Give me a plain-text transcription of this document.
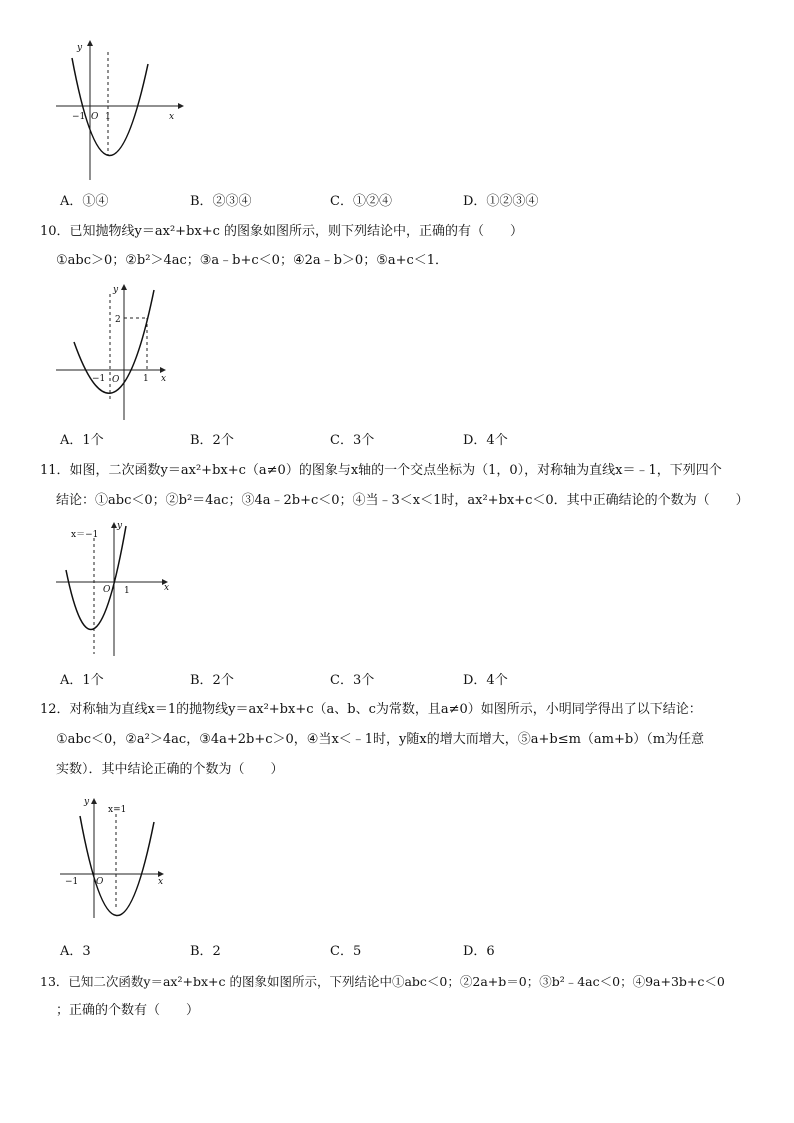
y
x
−1 O 1
A．①④	B．②③④	C．①②④	D．①②③④
10．已知抛物线y＝ax²+bx+c 的图象如图所示，则下列结论中，正确的有（　　）
①abc＞0；②b²＞4ac；③a﹣b+c＜0；④2a﹣b＞0；⑤a+c＜1．
y
x
2
−1 O	1
A．1个	B．2个	C．3个	D．4个
11．如图，二次函数y＝ax²+bx+c（a≠0）的图象与x轴的一个交点坐标为（1，0），对称轴为直线x＝﹣1，下列四个
结论：①abc＜0；②b²＝4ac；③4a﹣2b+c＜0；④当﹣3＜x＜1时，ax²+bx+c＜0．其中正确结论的个数为（　　）
x＝−1
y
x
O 1
A．1个	B．2个	C．3个	D．4个
12．对称轴为直线x＝1的抛物线y＝ax²+bx+c（a、b、c为常数，且a≠0）如图所示，小明同学得出了以下结论：
①abc＜0，②a²＞4ac，③4a+2b+c＞0，④当x＜﹣1时，y随x的增大而增大，⑤a+b≤m（am+b）（m为任意
实数）．其中结论正确的个数为（　　）
y
x=1
x
−1 O
A．3	B．2	C．5	D．6
13．已知二次函数y＝ax²+bx+c 的图象如图所示，下列结论中①abc＜0；②2a+b＝0；③b²﹣4ac＜0；④9a+3b+c＜0
；正确的个数有（　　）
